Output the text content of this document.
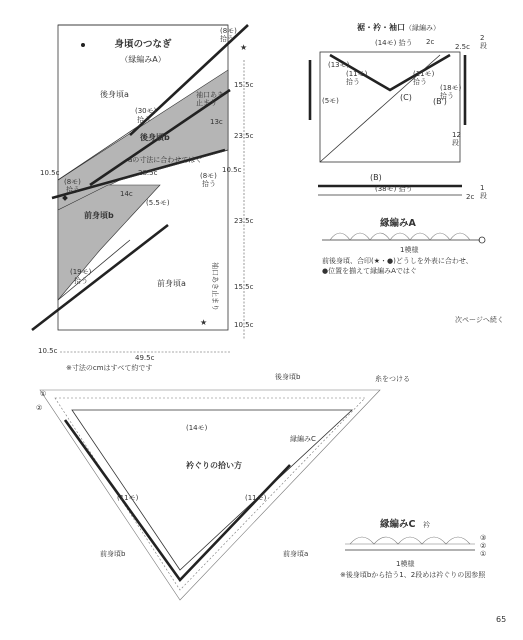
★
★
身頃のつなぎ
（縁編みA）
(8モ)拾う
後身頃a
後身頃b
前身頃b
前身頃a
(30モ)
拾う
袖口あき止まり
袖口あき止まり
13c
15.5c
23.5c
23.5c
15.5c
10.5c
10.5c
10.5c
10.5c
aの寸法に合わせてはぐ
28.5c	(8モ)
拾う
(8モ)
拾う	14c
(5.5モ)
(19モ)
拾う
49.5c
※寸法のcmはすべて約です
裾・衿・袖口 （縁編み）
(14モ) 拾う 2c
2.5c
2 段
(13モ)
(11モ)拾う
(11モ)拾う
(5モ)	(C)	(B')
(18モ)拾う
12 段
(B)
(38モ) 拾う
2c
1 段
縁編みA
1模様
前後身頃、合印(★・●)どうしを外表に合わせ、
●位置を揃えて縁編みAではぐ
次ページへ続く
後身頃b	糸をつける
(14モ)
縁編みC
衿ぐりの拾い方
(11モ)	(11モ)
前身頃b	前身頃a
①
②
縁編みC 衿
③
②
①
1模様
※後身頃bから拾う1、2段めは衿ぐりの図参照
65
